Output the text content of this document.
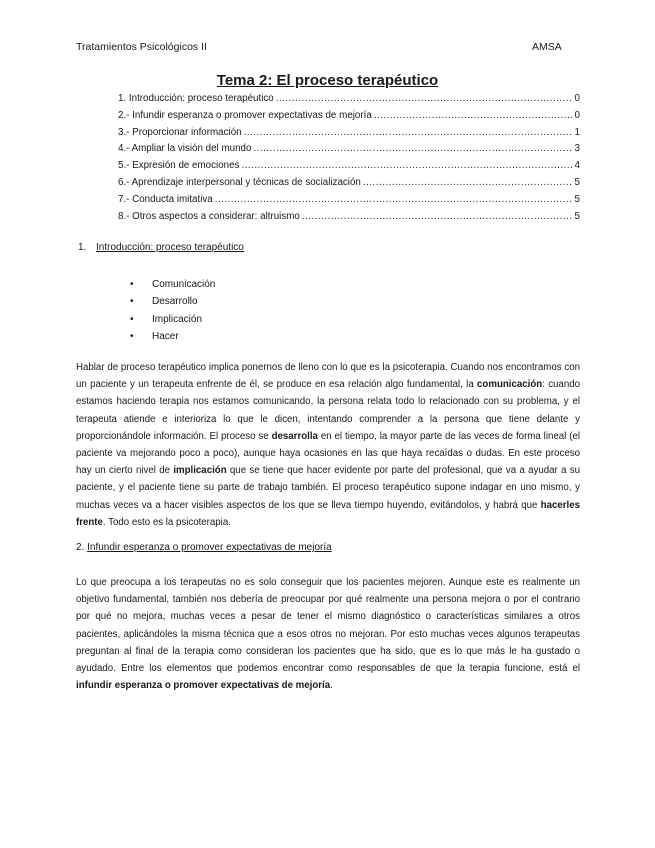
Tratamientos Psicológicos II	AMSA
Tema 2: El proceso terapéutico
1. Introducción: proceso terapéutico .....	0
2.- Infundir esperanza o promover expectativas de mejoría .....	0
3.- Proporcionar información .....	1
4.- Ampliar la visión del mundo .....	3
5.- Expresión de emociones .....	4
6.- Aprendizaje interpersonal y técnicas de socialización .....	5
7.- Conducta imitativa .....	5
8.- Otros aspectos a considerar: altruismo .....	5
1. Introducción: proceso terapéutico
•	Comunicación
•	Desarrollo
•	Implicación
•	Hacer

Hablar de proceso terapéutico implica ponernos de lleno con lo que es la psicoterapia. Cuando nos encontramos con un paciente y un terapeuta enfrente de él, se produce en esa relación algo fundamental, la comunicación: cuando estamos haciendo terapia nos estamos comunicando, la persona relata todo lo relacionado con su problema, y el terapeuta atiende e interioriza lo que le dicen, intentando comprender a la persona que tiene delante y proporcionándole información. El proceso se desarrolla en el tiempo, la mayor parte de las veces de forma lineal (el paciente va mejorando poco a poco), aunque haya ocasiones en las que haya recaídas o dudas. En este proceso hay un cierto nivel de implicación que se tiene que hacer evidente por parte del profesional, que va a ayudar a su paciente, y el paciente tiene su parte de trabajo también. El proceso terapéutico supone indagar en uno mismo, y muchas veces va a hacer visibles aspectos de los que se lleva tiempo huyendo, evitándolos, y habrá que hacerles frente. Todo esto es la psicoterapia.

2. Infundir esperanza o promover expectativas de mejoría

Lo que preocupa a los terapeutas no es solo conseguir que los pacientes mejoren. Aunque este es realmente un objetivo fundamental, también nos debería de preocupar por qué realmente una persona mejora o por el contrario por qué no mejora, muchas veces a pesar de tener el mismo diagnóstico o características similares a otros pacientes, aplicándoles la misma técnica que a esos otros no mejoran. Por esto muchas veces algunos terapeutas preguntan al final de la terapia como consideran los pacientes que ha sido, que es lo que más le ha gustado o ayudado. Entre los elementos que podemos encontrar como responsables de que la terapia funcione, está el infundir esperanza o promover expectativas de mejoría.
